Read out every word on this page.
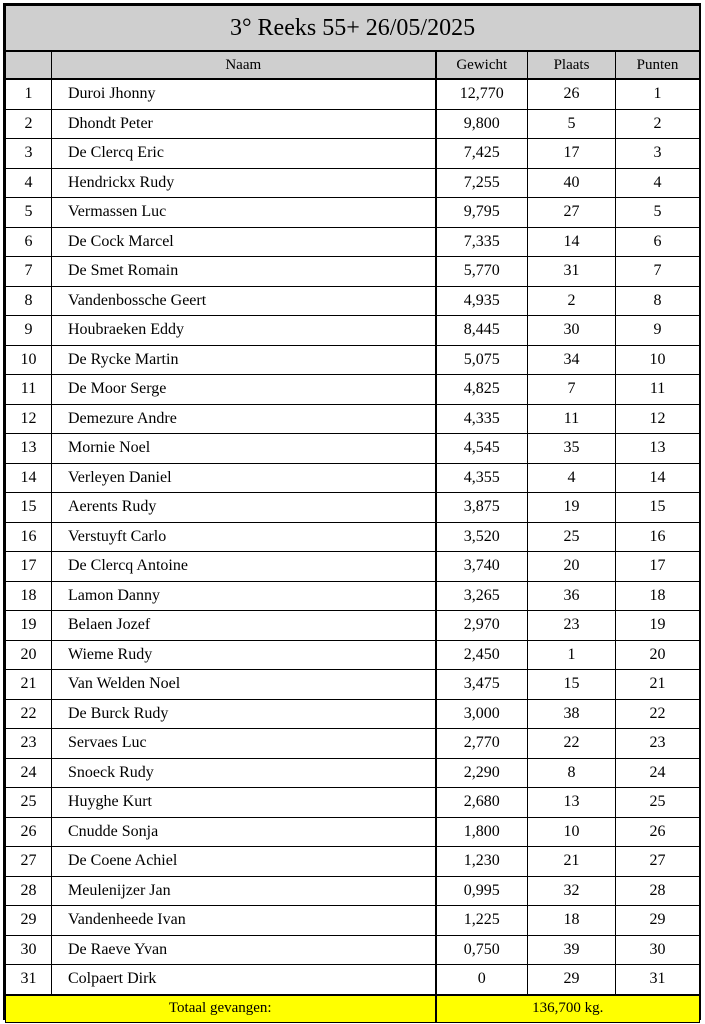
3° Reeks 55+ 26/05/2025				
	Naam	Gewicht	Plaats	Punten
1	Duroi Jhonny	12,770	26	1
2	Dhondt Peter	9,800	5	2
3	De Clercq Eric	7,425	17	3
4	Hendrickx Rudy	7,255	40	4
5	Vermassen Luc	9,795	27	5
6	De Cock Marcel	7,335	14	6
7	De Smet Romain	5,770	31	7
8	Vandenbossche Geert	4,935	2	8
9	Houbraeken Eddy	8,445	30	9
10	De Rycke Martin	5,075	34	10
11	De Moor Serge	4,825	7	11
12	Demezure Andre	4,335	11	12
13	Mornie Noel	4,545	35	13
14	Verleyen Daniel	4,355	4	14
15	Aerents Rudy	3,875	19	15
16	Verstuyft Carlo	3,520	25	16
17	De Clercq Antoine	3,740	20	17
18	Lamon Danny	3,265	36	18
19	Belaen Jozef	2,970	23	19
20	Wieme Rudy	2,450	1	20
21	Van Welden Noel	3,475	15	21
22	De Burck Rudy	3,000	38	22
23	Servaes Luc	2,770	22	23
24	Snoeck Rudy	2,290	8	24
25	Huyghe Kurt	2,680	13	25
26	Cnudde Sonja	1,800	10	26
27	De Coene Achiel	1,230	21	27
28	Meulenijzer Jan	0,995	32	28
29	Vandenheede Ivan	1,225	18	29
30	De Raeve Yvan	0,750	39	30
31	Colpaert Dirk	0	29	31
Totaal gevangen:		136,700 kg.		
